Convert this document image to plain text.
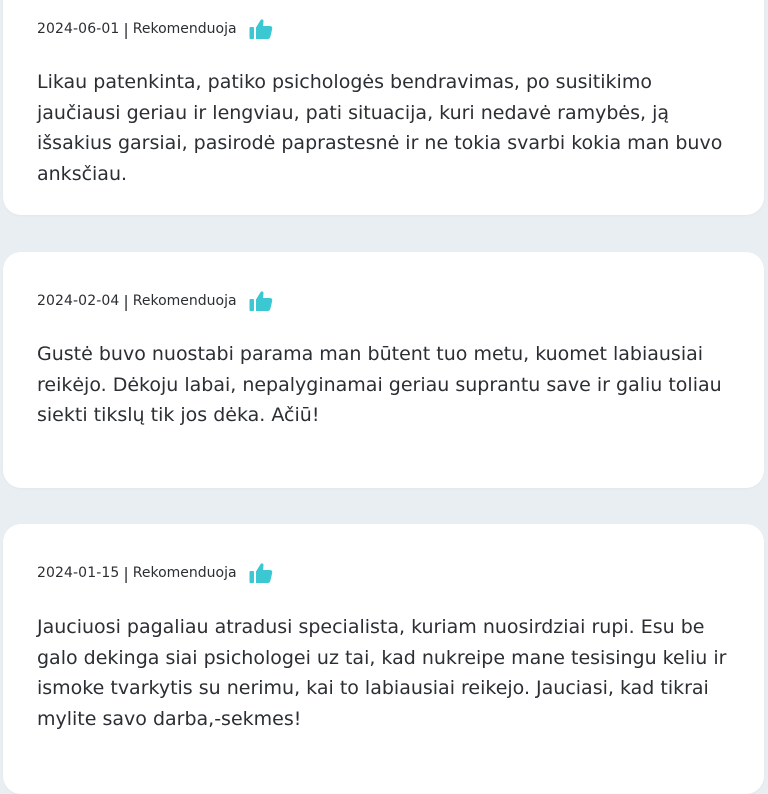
2024-06-01 | Rekomenduoja

Likau patenkinta, patiko psichologės bendravimas, po susitikimo jaučiausi geriau ir lengviau, pati situacija, kuri nedavė ramybės, ją išsakius garsiai, pasirodė paprastesnė ir ne tokia svarbi kokia man buvo anksčiau.

2024-02-04 | Rekomenduoja

Gustė buvo nuostabi parama man būtent tuo metu, kuomet labiausiai reikėjo. Dėkoju labai, nepalyginamai geriau suprantu save ir galiu toliau siekti tikslų tik jos dėka. Ačiū!

2024-01-15 | Rekomenduoja

Jauciuosi pagaliau atradusi specialista, kuriam nuosirdziai rupi. Esu be galo dekinga siai psichologei uz tai, kad nukreipe mane tesisingu keliu ir ismoke tvarkytis su nerimu, kai to labiausiai reikejo. Jauciasi, kad tikrai mylite savo darba,-sekmes!
